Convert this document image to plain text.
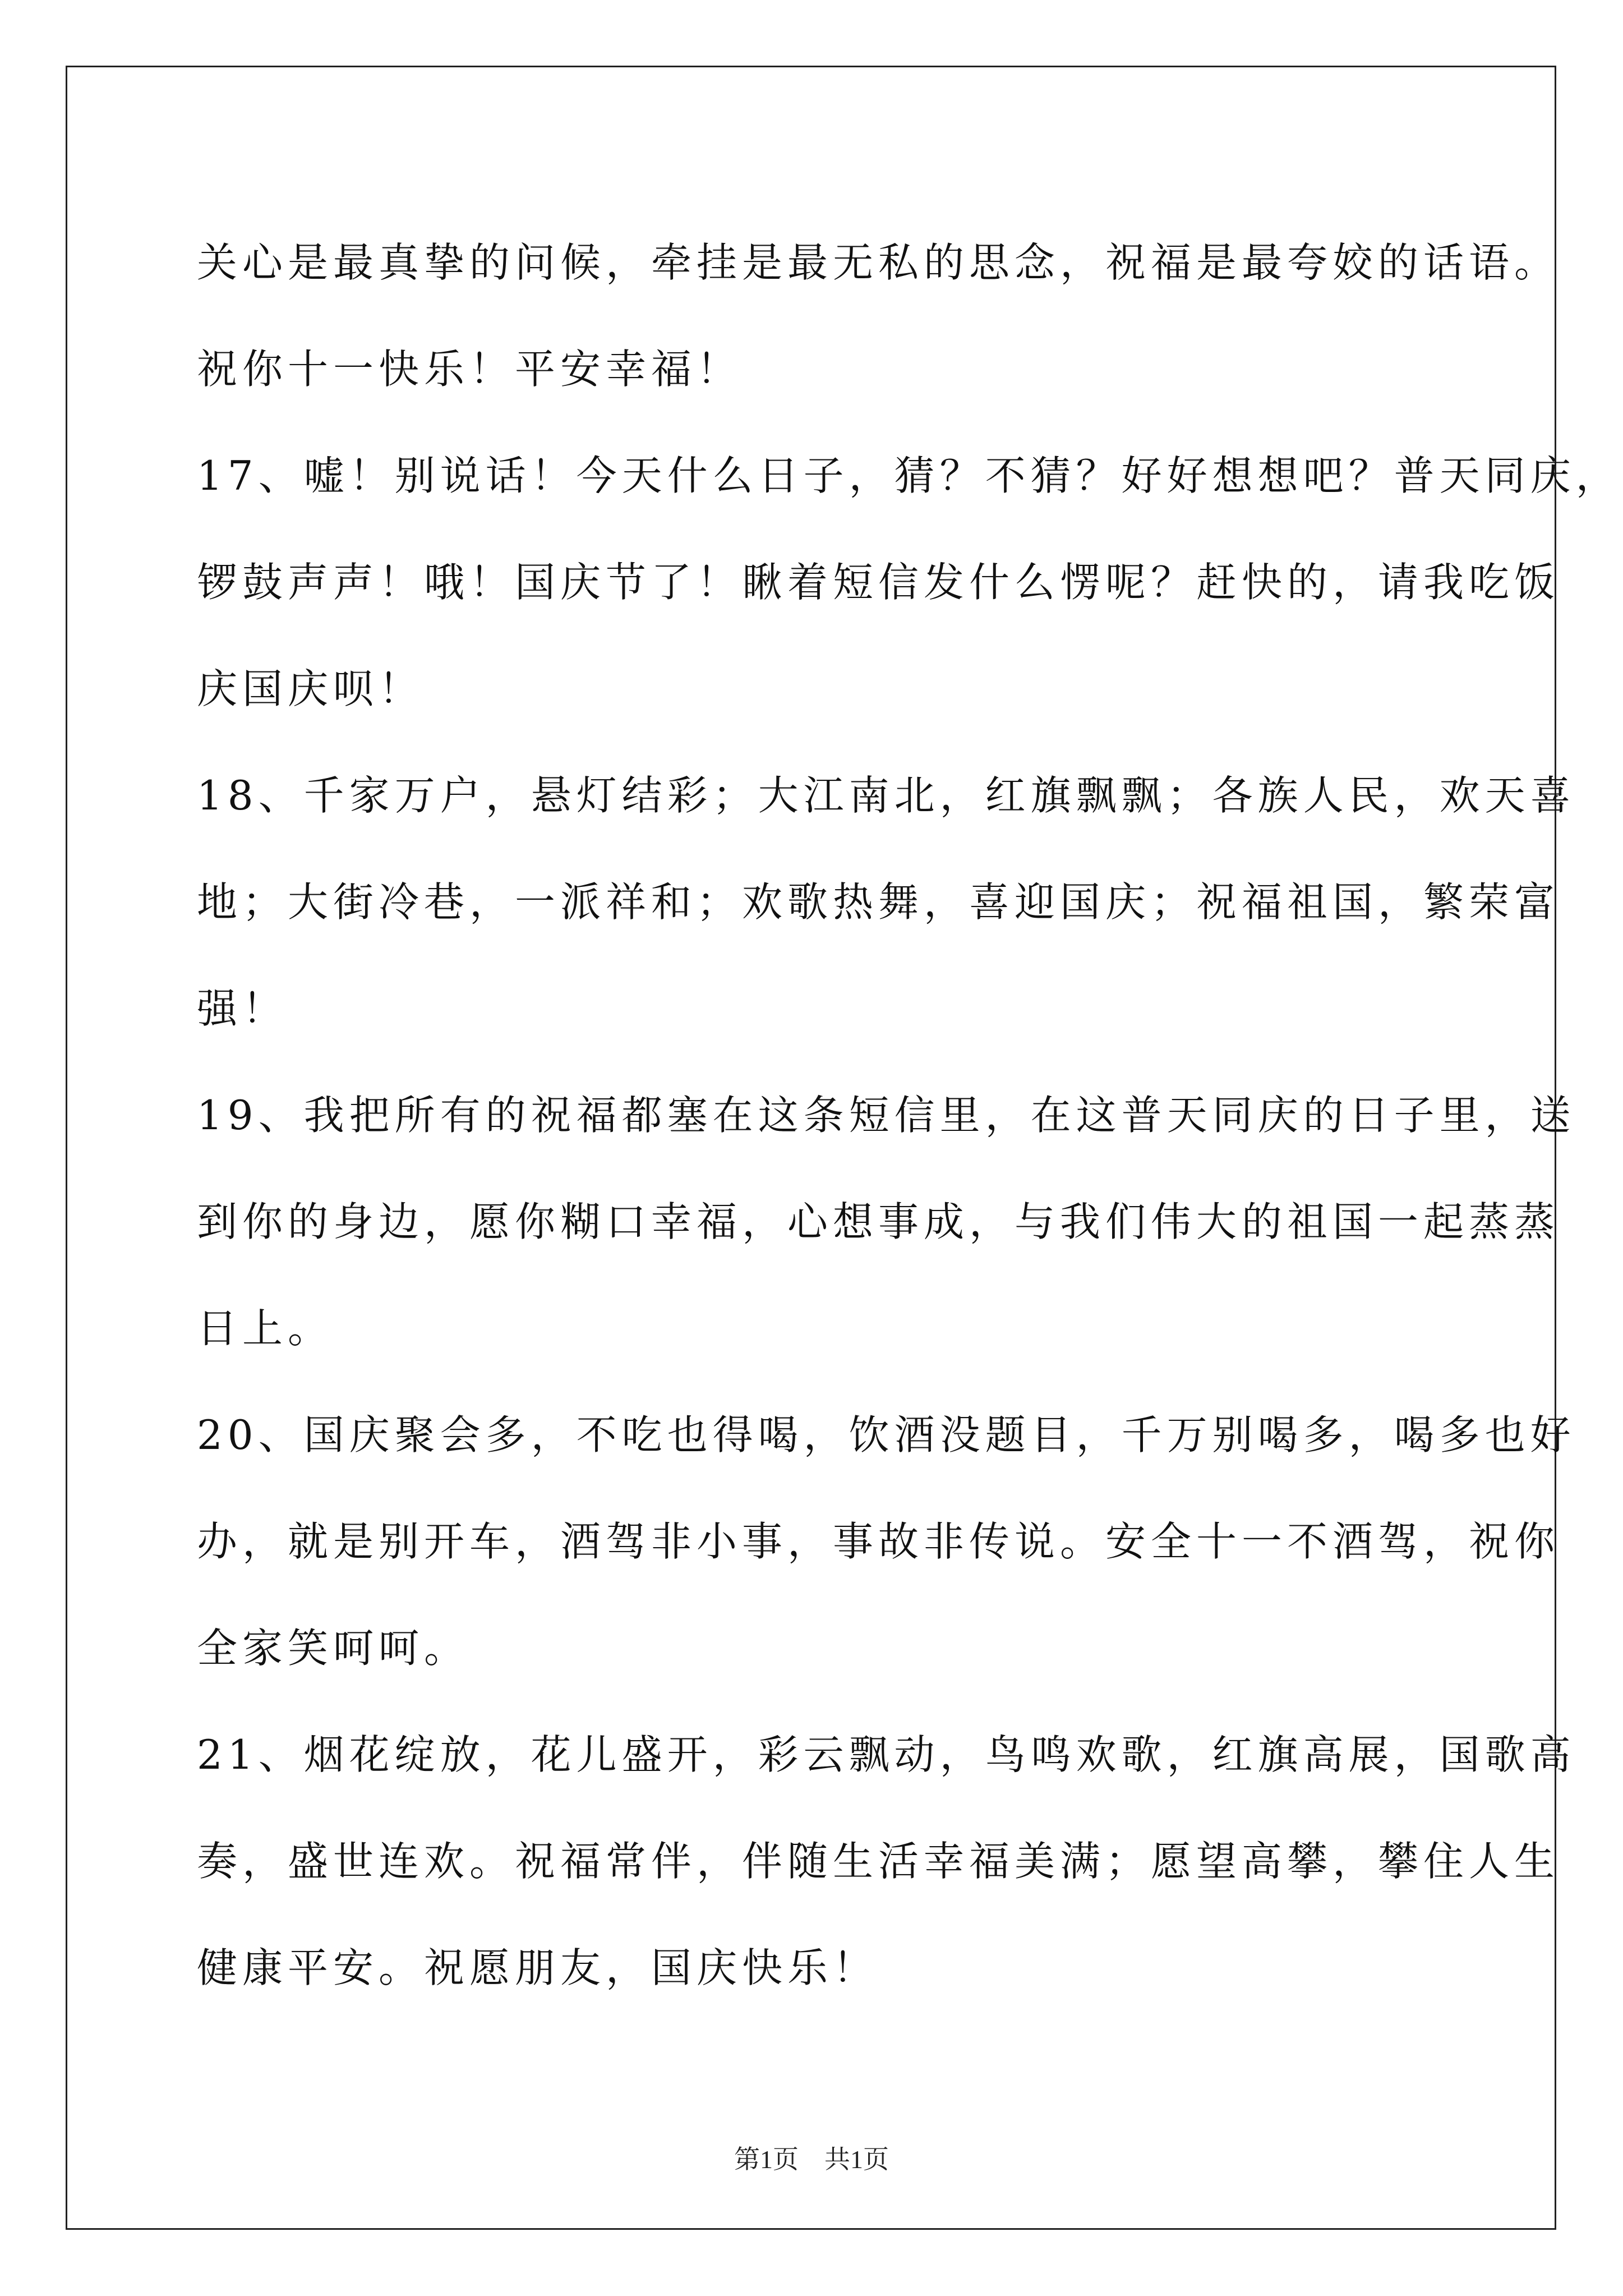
关心是最真挚的问候，牵挂是最无私的思念，祝福是最夸姣的话语。
祝你十一快乐！平安幸福！
17、嘘！别说话！今天什么日子，猜？不猜？好好想想吧？普天同庆，
锣鼓声声！哦！国庆节了！瞅着短信发什么愣呢？赶快的，请我吃饭
庆国庆呗！
18、千家万户，悬灯结彩；大江南北，红旗飘飘；各族人民，欢天喜
地；大街冷巷，一派祥和；欢歌热舞，喜迎国庆；祝福祖国，繁荣富
强！
19、我把所有的祝福都塞在这条短信里，在这普天同庆的日子里，送
到你的身边，愿你糊口幸福，心想事成，与我们伟大的祖国一起蒸蒸
日上。
20、国庆聚会多，不吃也得喝，饮酒没题目，千万别喝多，喝多也好
办，就是别开车，酒驾非小事，事故非传说。安全十一不酒驾，祝你
全家笑呵呵。
21、烟花绽放，花儿盛开，彩云飘动，鸟鸣欢歌，红旗高展，国歌高
奏，盛世连欢。祝福常伴，伴随生活幸福美满；愿望高攀，攀住人生
健康平安。祝愿朋友，国庆快乐！
第1页　共1页
